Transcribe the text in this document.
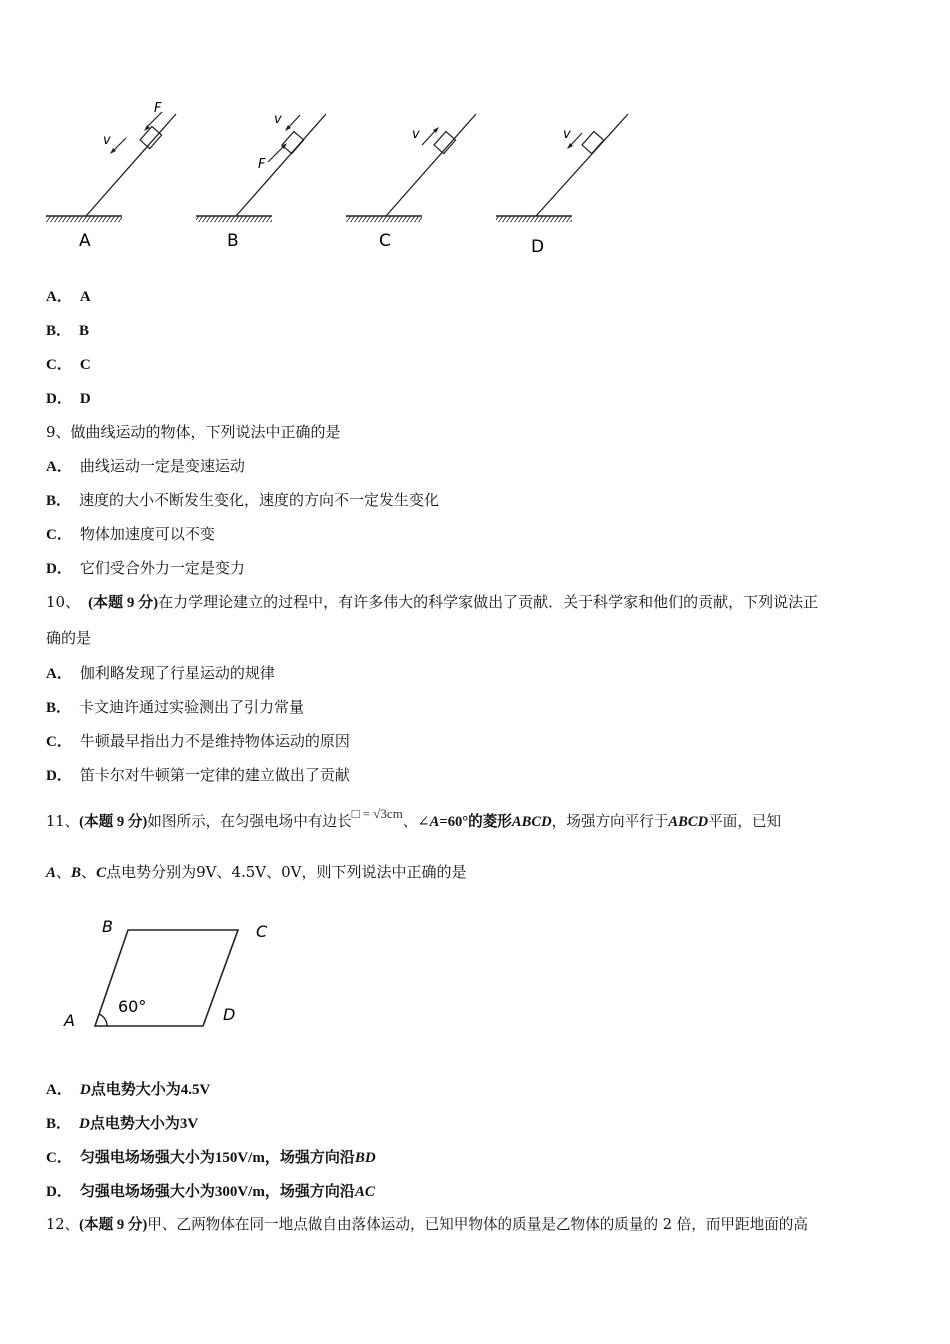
F
v
A
v
F
B
v
C
v
D
A． A
B． B
C． C
D． D
9、做曲线运动的物体，下列说法中正确的是
A． 曲线运动一定是变速运动
B． 速度的大小不断发生变化，速度的方向不一定发生变化
C． 物体加速度可以不变
D． 它们受合外力一定是变力
10、 (本题 9 分)在力学理论建立的过程中，有许多伟大的科学家做出了贡献．关于科学家和他们的贡献，下列说法正
确的是
A． 伽利略发现了行星运动的规律
B． 卡文迪许通过实验测出了引力常量
C． 牛顿最早指出力不是维持物体运动的原因
D． 笛卡尔对牛顿第一定律的建立做出了贡献
11、(本题 9 分)如图所示，在匀强电场中有边长□ = √3cm、∠A=60°的菱形ABCD，场强方向平行于ABCD平面，已知
A、B、C点电势分别为9V、4.5V、0V，则下列说法中正确的是
B	C
A	D
60°
A． D点电势大小为4.5V
B． D点电势大小为3V
C． 匀强电场场强大小为150V/m，场强方向沿BD
D． 匀强电场场强大小为300V/m，场强方向沿AC
12、(本题 9 分)甲、乙两物体在同一地点做自由落体运动，已知甲物体的质量是乙物体的质量的 2 倍，而甲距地面的高
